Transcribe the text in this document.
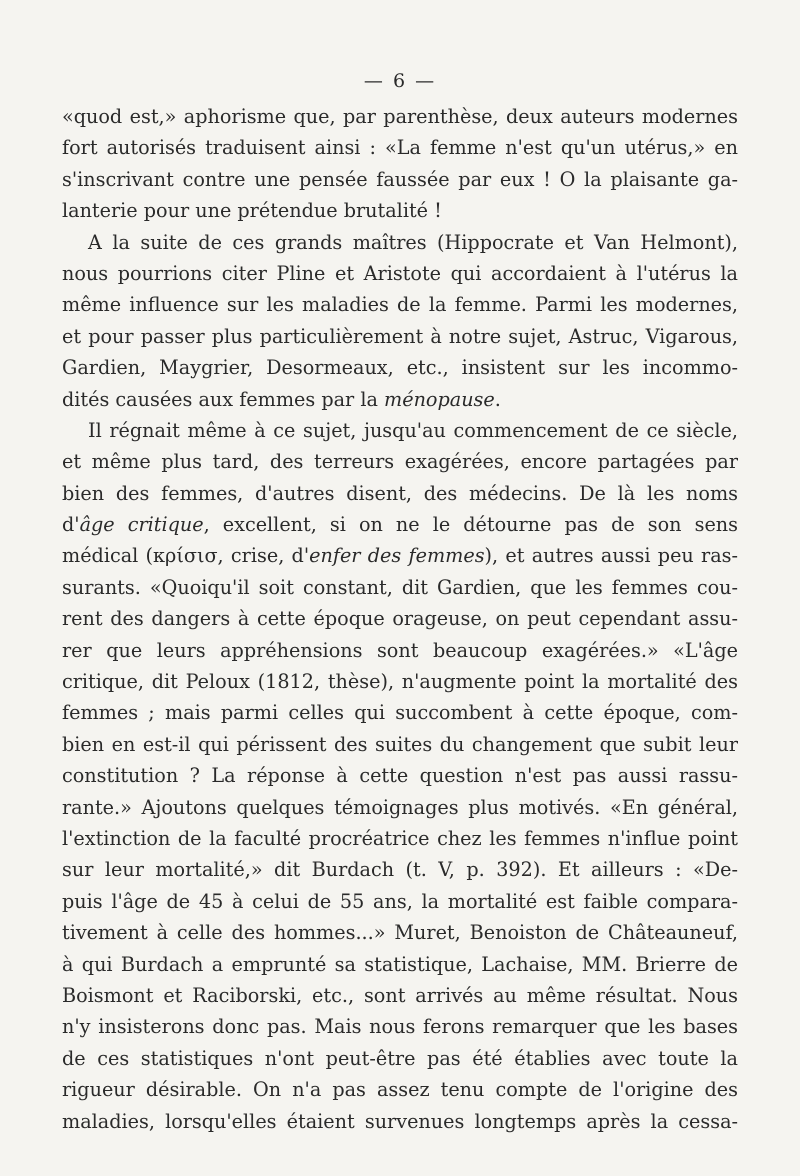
— 6 —
«quod est,» aphorisme que, par parenthèse, deux auteurs modernes
fort autorisés traduisent ainsi : «La femme n'est qu'un utérus,» en
s'inscrivant contre une pensée faussée par eux ! O la plaisante ga-
lanterie pour une prétendue brutalité !
A la suite de ces grands maîtres (Hippocrate et Van Helmont),
nous pourrions citer Pline et Aristote qui accordaient à l'utérus la
même influence sur les maladies de la femme. Parmi les modernes,
et pour passer plus particulièrement à notre sujet, Astruc, Vigarous,
Gardien, Maygrier, Desormeaux, etc., insistent sur les incommo-
dités causées aux femmes par la ménopause.
Il régnait même à ce sujet, jusqu'au commencement de ce siècle,
et même plus tard, des terreurs exagérées, encore partagées par
bien des femmes, d'autres disent, des médecins. De là les noms
d'âge critique, excellent, si on ne le détourne pas de son sens
médical (κρίσισ, crise, d'enfer des femmes), et autres aussi peu ras-
surants. «Quoiqu'il soit constant, dit Gardien, que les femmes cou-
rent des dangers à cette époque orageuse, on peut cependant assu-
rer que leurs appréhensions sont beaucoup exagérées.» «L'âge
critique, dit Peloux (1812, thèse), n'augmente point la mortalité des
femmes ; mais parmi celles qui succombent à cette époque, com-
bien en est-il qui périssent des suites du changement que subit leur
constitution ? La réponse à cette question n'est pas aussi rassu-
rante.» Ajoutons quelques témoignages plus motivés. «En général,
l'extinction de la faculté procréatrice chez les femmes n'influe point
sur leur mortalité,» dit Burdach (t. V, p. 392). Et ailleurs : «De-
puis l'âge de 45 à celui de 55 ans, la mortalité est faible compara-
tivement à celle des hommes...» Muret, Benoiston de Châteauneuf,
à qui Burdach a emprunté sa statistique, Lachaise, MM. Brierre de
Boismont et Raciborski, etc., sont arrivés au même résultat. Nous
n'y insisterons donc pas. Mais nous ferons remarquer que les bases
de ces statistiques n'ont peut-être pas été établies avec toute la
rigueur désirable. On n'a pas assez tenu compte de l'origine des
maladies, lorsqu'elles étaient survenues longtemps après la cessa-
